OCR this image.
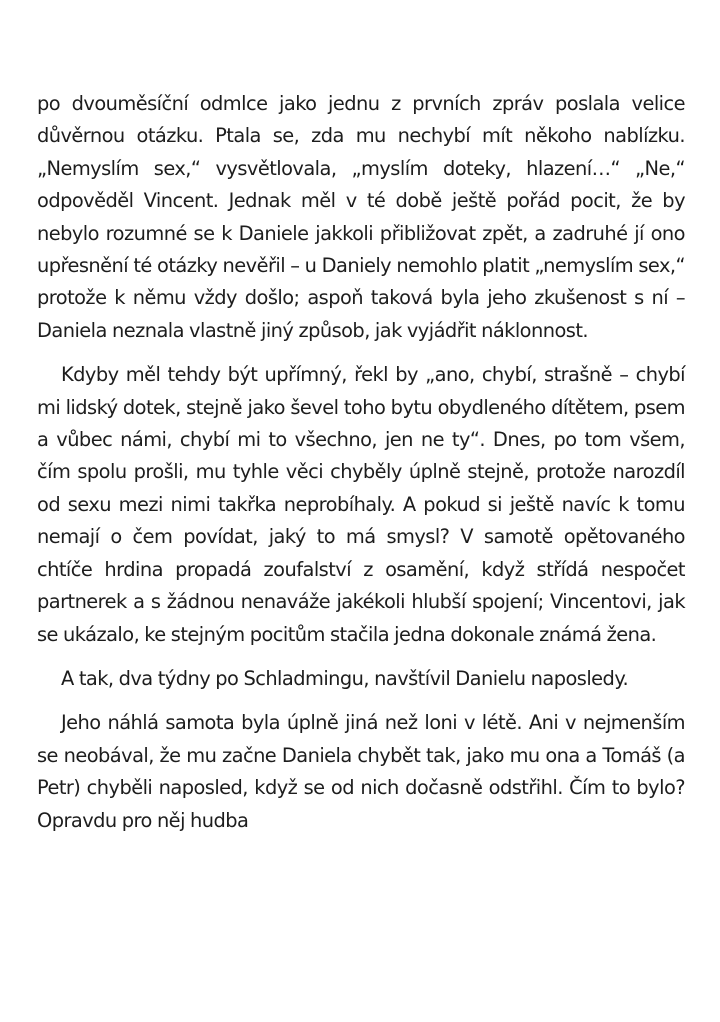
po dvouměsíční odmlce jako jednu z prvních zpráv poslala velice důvěrnou otázku. Ptala se, zda mu nechybí mít někoho nablízku. „Nemyslím sex,“ vysvětlovala, „myslím doteky, hlazení…“ „Ne,“ odpověděl Vincent. Jednak měl v té době ještě pořád pocit, že by nebylo rozumné se k Daniele jakkoli přibližovat zpět, a zadruhé jí ono upřesnění té otázky nevěřil – u Daniely nemohlo platit „nemyslím sex,“ protože k němu vždy došlo; aspoň taková byla jeho zkušenost s ní – Daniela neznala vlastně jiný způsob, jak vyjádřit náklonnost.

Kdyby měl tehdy být upřímný, řekl by „ano, chybí, strašně – chybí mi lidský dotek, stejně jako ševel toho bytu obydleného dítětem, psem a vůbec námi, chybí mi to všechno, jen ne ty“. Dnes, po tom všem, čím spolu prošli, mu tyhle věci chyběly úplně stejně, protože narozdíl od sexu mezi nimi takřka neprobíhaly. A pokud si ještě navíc k tomu nemají o čem povídat, jaký to má smysl? V samotě opětovaného chtíče hrdina propadá zoufalství z osamění, když střídá nespočet partnerek a s žádnou nenaváže jakékoli hlubší spojení; Vincentovi, jak se ukázalo, ke stejným pocitům stačila jedna dokonale známá žena.

A tak, dva týdny po Schladmingu, navštívil Danielu naposledy.

Jeho náhlá samota byla úplně jiná než loni v létě. Ani v nejmenším se neobával, že mu začne Daniela chybět tak, jako mu ona a Tomáš (a Petr) chyběli naposled, když se od nich dočasně odstřihl. Čím to bylo? Opravdu pro něj hudba
